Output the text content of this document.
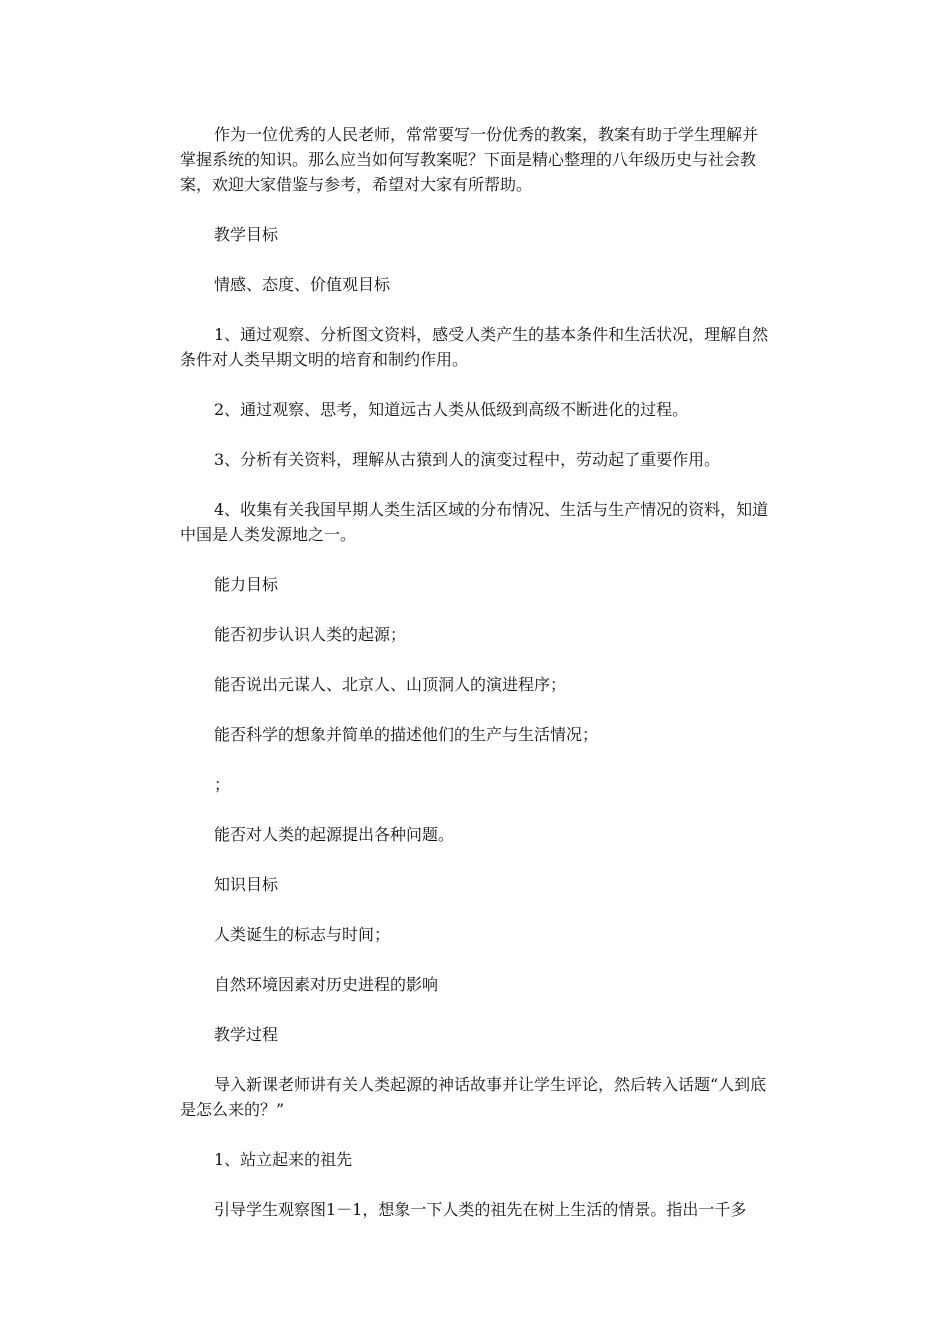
作为一位优秀的人民老师，常常要写一份优秀的教案，教案有助于学生理解并掌握系统的知识。那么应当如何写教案呢？下面是精心整理的八年级历史与社会教案，欢迎大家借鉴与参考，希望对大家有所帮助。

教学目标

情感、态度、价值观目标

1、通过观察、分析图文资料，感受人类产生的基本条件和生活状况，理解自然条件对人类早期文明的培育和制约作用。

2、通过观察、思考，知道远古人类从低级到高级不断进化的过程。

3、分析有关资料，理解从古猿到人的演变过程中，劳动起了重要作用。

4、收集有关我国早期人类生活区域的分布情况、生活与生产情况的资料，知道中国是人类发源地之一。

能力目标

能否初步认识人类的起源；

能否说出元谋人、北京人、山顶洞人的演进程序；

能否科学的想象并简单的描述他们的生产与生活情况；

；

能否对人类的起源提出各种问题。

知识目标

人类诞生的标志与时间；

自然环境因素对历史进程的影响

教学过程

导入新课老师讲有关人类起源的神话故事并让学生评论，然后转入话题“人到底是怎么来的？”

1、站立起来的祖先

引导学生观察图1－1，想象一下人类的祖先在树上生活的情景。指出一千多
